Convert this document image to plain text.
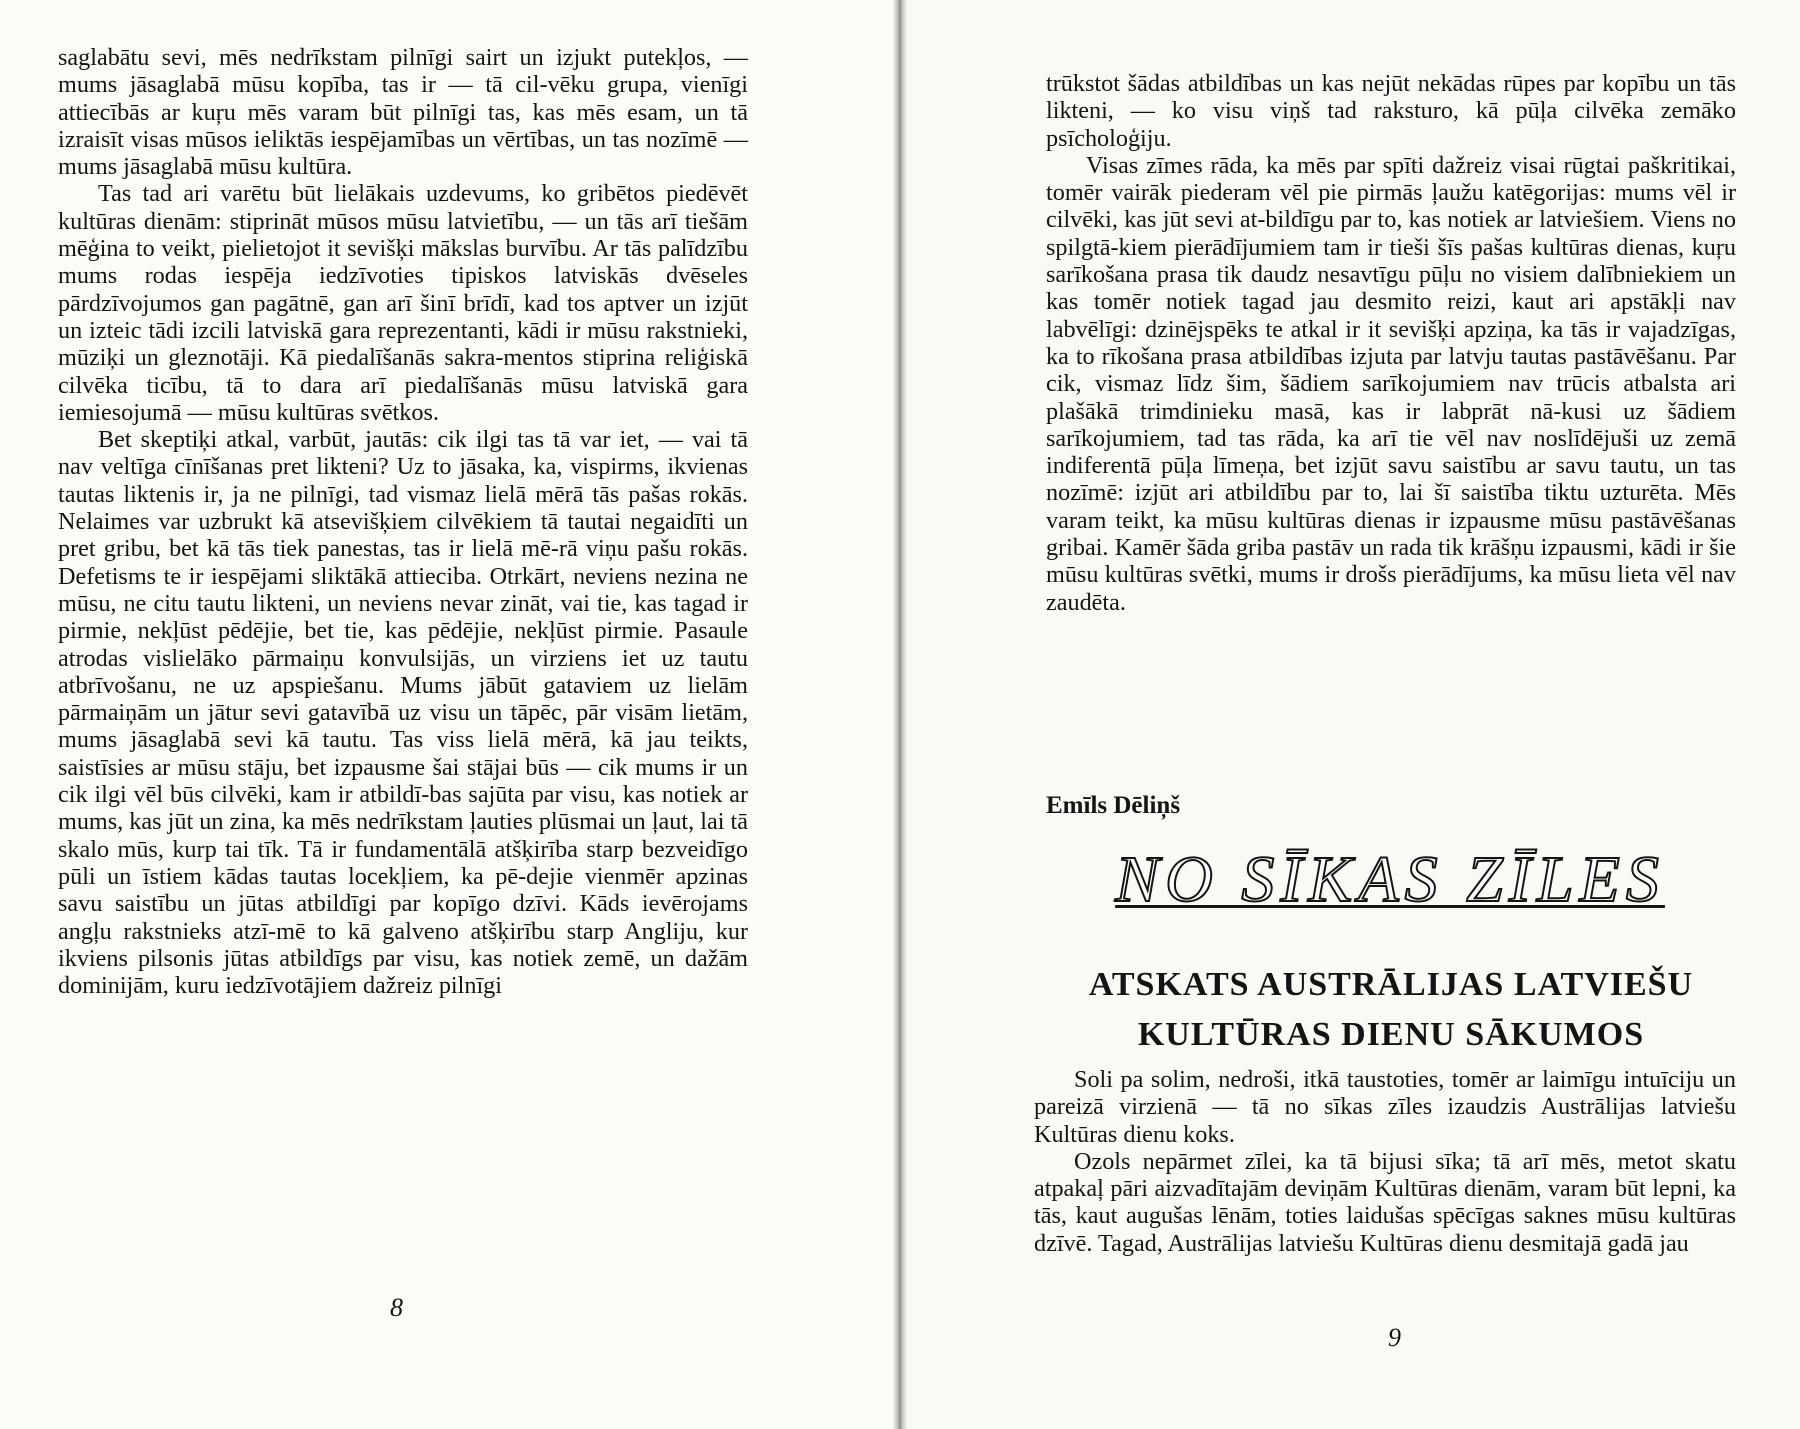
saglabātu sevi, mēs nedrīkstam pilnīgi sairt un izjukt putekļos, — mums jāsaglabā mūsu kopība, tas ir — tā cil-vēku grupa, vienīgi attiecībās ar kuŗu mēs varam būt pilnīgi tas, kas mēs esam, un tā izraisīt visas mūsos ieliktās iespējamības un vērtības, un tas nozīmē — mums jāsaglabā mūsu kultūra.

Tas tad ari varētu būt lielākais uzdevums, ko gribētos piedēvēt kultūras dienām: stiprināt mūsos mūsu latvietību, — un tās arī tiešām mēģina to veikt, pielietojot it sevišķi mākslas burvību. Ar tās palīdzību mums rodas iespēja iedzīvoties tipiskos latviskās dvēseles pārdzīvojumos gan pagātnē, gan arī šinī brīdī, kad tos aptver un izjūt un izteic tādi izcili latviskā gara reprezentanti, kādi ir mūsu rakstnieki, mūziķi un gleznotāji. Kā piedalīšanās sakra-mentos stiprina reliģiskā cilvēka ticību, tā to dara arī piedalīšanās mūsu latviskā gara iemiesojumā — mūsu kultūras svētkos.

Bet skeptiķi atkal, varbūt, jautās: cik ilgi tas tā var iet, — vai tā nav veltīga cīnīšanas pret likteni? Uz to jāsaka, ka, vispirms, ikvienas tautas liktenis ir, ja ne pilnīgi, tad vismaz lielā mērā tās pašas rokās. Nelaimes var uzbrukt kā atsevišķiem cilvēkiem tā tautai negaidīti un pret gribu, bet kā tās tiek panestas, tas ir lielā mē-rā viņu pašu rokās. Defetisms te ir iespējami sliktākā attieciba. Otrkārt, neviens nezina ne mūsu, ne citu tautu likteni, un neviens nevar zināt, vai tie, kas tagad ir pirmie, nekļūst pēdējie, bet tie, kas pēdējie, nekļūst pirmie. Pasaule atrodas vislielāko pārmaiņu konvulsijās, un virziens iet uz tautu atbrīvošanu, ne uz apspiešanu. Mums jābūt gataviem uz lielām pārmaiņām un jātur sevi gatavībā uz visu un tāpēc, pār visām lietām, mums jāsaglabā sevi kā tautu. Tas viss lielā mērā, kā jau teikts, saistīsies ar mūsu stāju, bet izpausme šai stājai būs — cik mums ir un cik ilgi vēl būs cilvēki, kam ir atbildī-bas sajūta par visu, kas notiek ar mums, kas jūt un zina, ka mēs nedrīkstam ļauties plūsmai un ļaut, lai tā skalo mūs, kurp tai tīk. Tā ir fundamentālā atšķirība starp bezveidīgo pūli un īstiem kādas tautas locekļiem, ka pē-dejie vienmēr apzinas savu saistību un jūtas atbildīgi par kopīgo dzīvi. Kāds ievērojams angļu rakstnieks atzī-mē to kā galveno atšķirību starp Angliju, kur ikviens pilsonis jūtas atbildīgs par visu, kas notiek zemē, un dažām dominijām, kuru iedzīvotājiem dažreiz pilnīgi

8

trūkstot šādas atbildības un kas nejūt nekādas rūpes par kopību un tās likteni, — ko visu viņš tad raksturo, kā pūļa cilvēka zemāko psīcholoģiju.

Visas zīmes rāda, ka mēs par spīti dažreiz visai rūgtai paškritikai, tomēr vairāk piederam vēl pie pirmās ļaužu katēgorijas: mums vēl ir cilvēki, kas jūt sevi at-bildīgu par to, kas notiek ar latviešiem. Viens no spilgtā-kiem pierādījumiem tam ir tieši šīs pašas kultūras dienas, kuŗu sarīkošana prasa tik daudz nesavtīgu pūļu no visiem dalībniekiem un kas tomēr notiek tagad jau desmito reizi, kaut ari apstākļi nav labvēlīgi: dzinējspēks te atkal ir it sevišķi apziņa, ka tās ir vajadzīgas, ka to rīkošana prasa atbildības izjuta par latvju tautas pastāvēšanu. Par cik, vismaz līdz šim, šādiem sarīkojumiem nav trūcis atbalsta ari plašākā trimdinieku masā, kas ir labprāt nā-kusi uz šādiem sarīkojumiem, tad tas rāda, ka arī tie vēl nav noslīdējuši uz zemā indiferentā pūļa līmeņa, bet izjūt savu saistību ar savu tautu, un tas nozīmē: izjūt ari atbildību par to, lai šī saistība tiktu uzturēta. Mēs varam teikt, ka mūsu kultūras dienas ir izpausme mūsu pastāvēšanas gribai. Kamēr šāda griba pastāv un rada tik krāšņu izpausmi, kādi ir šie mūsu kultūras svētki, mums ir drošs pierādījums, ka mūsu lieta vēl nav zaudēta.

Emīls Dēliņš
NO SĪKAS ZĪLES
ATSKATS AUSTRĀLIJAS LATVIEŠU
KULTŪRAS DIENU SĀKUMOS

Soli pa solim, nedroši, itkā taustoties, tomēr ar laimīgu intuīciju un pareizā virzienā — tā no sīkas zīles izaudzis Austrālijas latviešu Kultūras dienu koks.

Ozols nepārmet zīlei, ka tā bijusi sīka; tā arī mēs, metot skatu atpakaļ pāri aizvadītajām deviņām Kultūras dienām, varam būt lepni, ka tās, kaut augušas lēnām, toties laidušas spēcīgas saknes mūsu kultūras dzīvē. Tagad, Austrālijas latviešu Kultūras dienu desmitajā gadā jau

9
